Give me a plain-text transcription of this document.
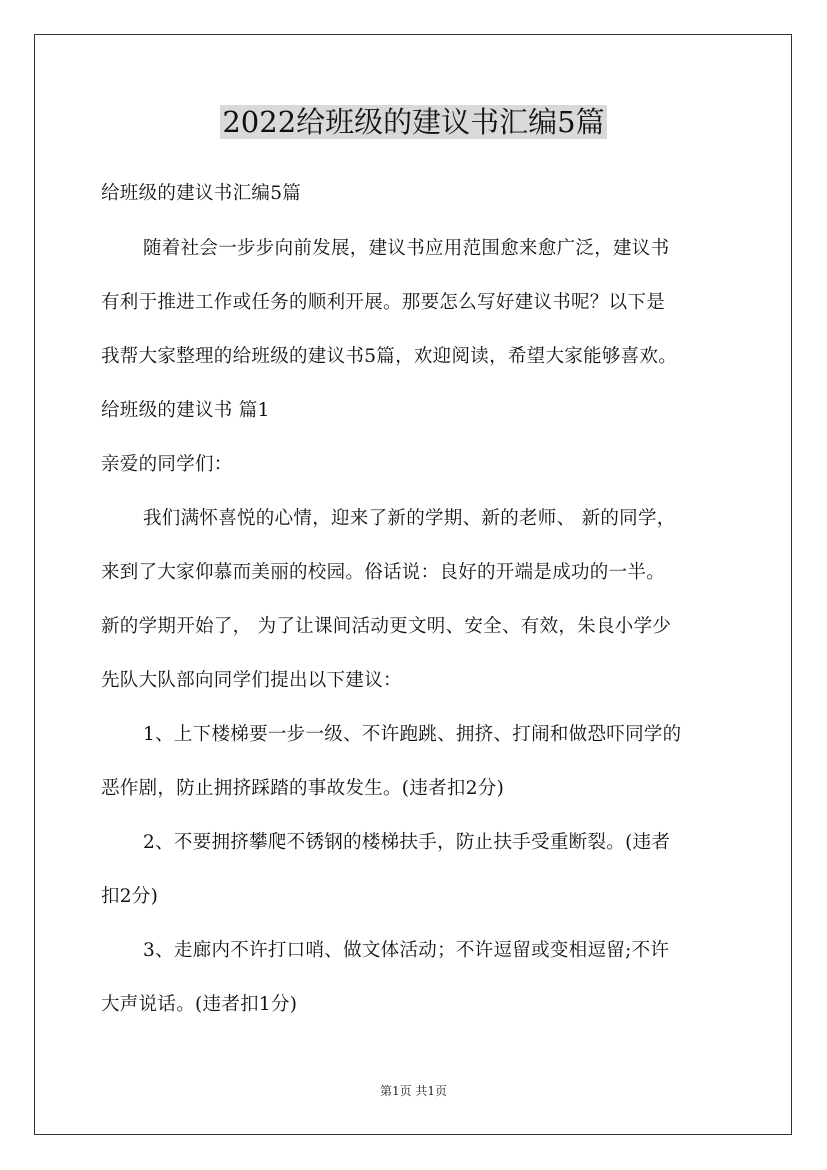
2022给班级的建议书汇编5篇
给班级的建议书汇编5篇
随着社会一步步向前发展，建议书应用范围愈来愈广泛，建议书
有利于推进工作或任务的顺利开展。那要怎么写好建议书呢？以下是
我帮大家整理的给班级的建议书5篇，欢迎阅读，希望大家能够喜欢。
给班级的建议书 篇1
亲爱的同学们：
我们满怀喜悦的心情，迎来了新的学期、新的老师、 新的同学，
来到了大家仰慕而美丽的校园。俗话说：良好的开端是成功的一半。
新的学期开始了， 为了让课间活动更文明、安全、有效，朱良小学少
先队大队部向同学们提出以下建议：
1、上下楼梯要一步一级、不许跑跳、拥挤、打闹和做恐吓同学的
恶作剧，防止拥挤踩踏的事故发生。(违者扣2分)
2、不要拥挤攀爬不锈钢的楼梯扶手，防止扶手受重断裂。(违者
扣2分)
3、走廊内不许打口哨、做文体活动；不许逗留或变相逗留;不许
大声说话。(违者扣1分)
第1页 共1页
